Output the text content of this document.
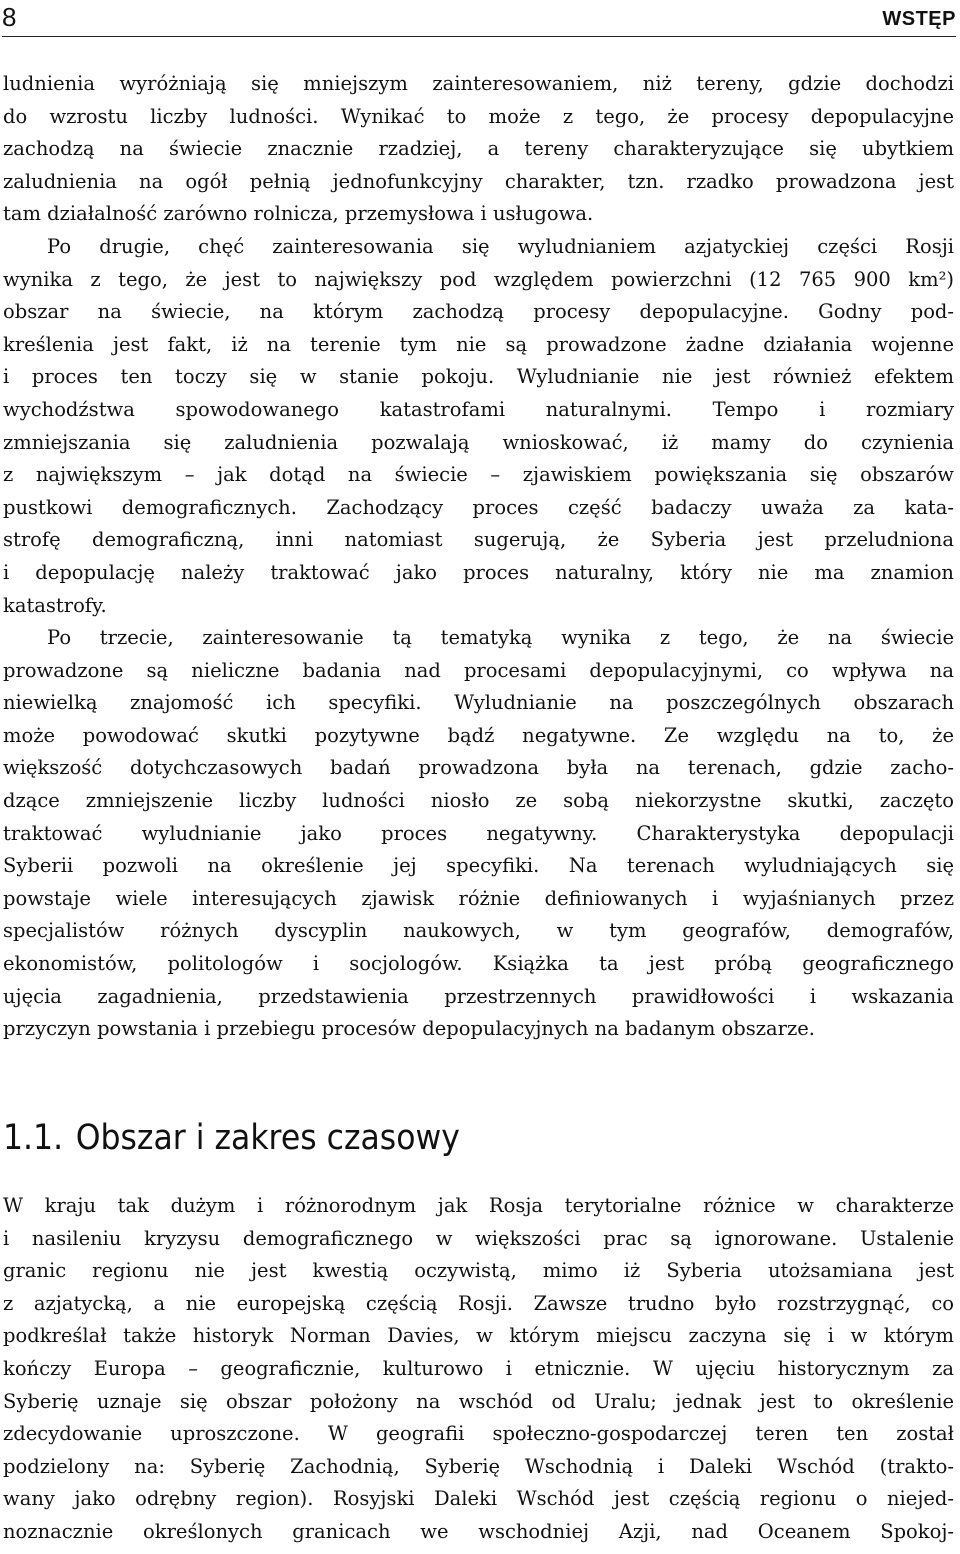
8	WSTĘP
ludnienia wyróżniają się mniejszym zainteresowaniem, niż tereny, gdzie dochodzi
do wzrostu liczby ludności. Wynikać to może z tego, że procesy depopulacyjne
zachodzą na świecie znacznie rzadziej, a tereny charakteryzujące się ubytkiem
zaludnienia na ogół pełnią jednofunkcyjny charakter, tzn. rzadko prowadzona jest
tam działalność zarówno rolnicza, przemysłowa i usługowa.
Po drugie, chęć zainteresowania się wyludnianiem azjatyckiej części Rosji
wynika z tego, że jest to największy pod względem powierzchni (12 765 900 km²)
obszar na świecie, na którym zachodzą procesy depopulacyjne. Godny pod-
kreślenia jest fakt, iż na terenie tym nie są prowadzone żadne działania wojenne
i proces ten toczy się w stanie pokoju. Wyludnianie nie jest również efektem
wychodźstwa spowodowanego katastrofami naturalnymi. Tempo i rozmiary
zmniejszania się zaludnienia pozwalają wnioskować, iż mamy do czynienia
z największym – jak dotąd na świecie – zjawiskiem powiększania się obszarów
pustkowi demograficznych. Zachodzący proces część badaczy uważa za kata-
strofę demograficzną, inni natomiast sugerują, że Syberia jest przeludniona
i depopulację należy traktować jako proces naturalny, który nie ma znamion
katastrofy.
Po trzecie, zainteresowanie tą tematyką wynika z tego, że na świecie
prowadzone są nieliczne badania nad procesami depopulacyjnymi, co wpływa na
niewielką znajomość ich specyfiki. Wyludnianie na poszczególnych obszarach
może powodować skutki pozytywne bądź negatywne. Ze względu na to, że
większość dotychczasowych badań prowadzona była na terenach, gdzie zacho-
dzące zmniejszenie liczby ludności niosło ze sobą niekorzystne skutki, zaczęto
traktować wyludnianie jako proces negatywny. Charakterystyka depopulacji
Syberii pozwoli na określenie jej specyfiki. Na terenach wyludniających się
powstaje wiele interesujących zjawisk różnie definiowanych i wyjaśnianych przez
specjalistów różnych dyscyplin naukowych, w tym geografów, demografów,
ekonomistów, politologów i socjologów. Książka ta jest próbą geograficznego
ujęcia zagadnienia, przedstawienia przestrzennych prawidłowości i wskazania
przyczyn powstania i przebiegu procesów depopulacyjnych na badanym obszarze.
1.1. Obszar i zakres czasowy
W kraju tak dużym i różnorodnym jak Rosja terytorialne różnice w charakterze
i nasileniu kryzysu demograficznego w większości prac są ignorowane. Ustalenie
granic regionu nie jest kwestią oczywistą, mimo iż Syberia utożsamiana jest
z azjatycką, a nie europejską częścią Rosji. Zawsze trudno było rozstrzygnąć, co
podkreślał także historyk Norman Davies, w którym miejscu zaczyna się i w którym
kończy Europa – geograficznie, kulturowo i etnicznie. W ujęciu historycznym za
Syberię uznaje się obszar położony na wschód od Uralu; jednak jest to określenie
zdecydowanie uproszczone. W geografii społeczno-gospodarczej teren ten został
podzielony na: Syberię Zachodnią, Syberię Wschodnią i Daleki Wschód (trakto-
wany jako odrębny region). Rosyjski Daleki Wschód jest częścią regionu o niejed-
noznacznie określonych granicach we wschodniej Azji, nad Oceanem Spokoj-
